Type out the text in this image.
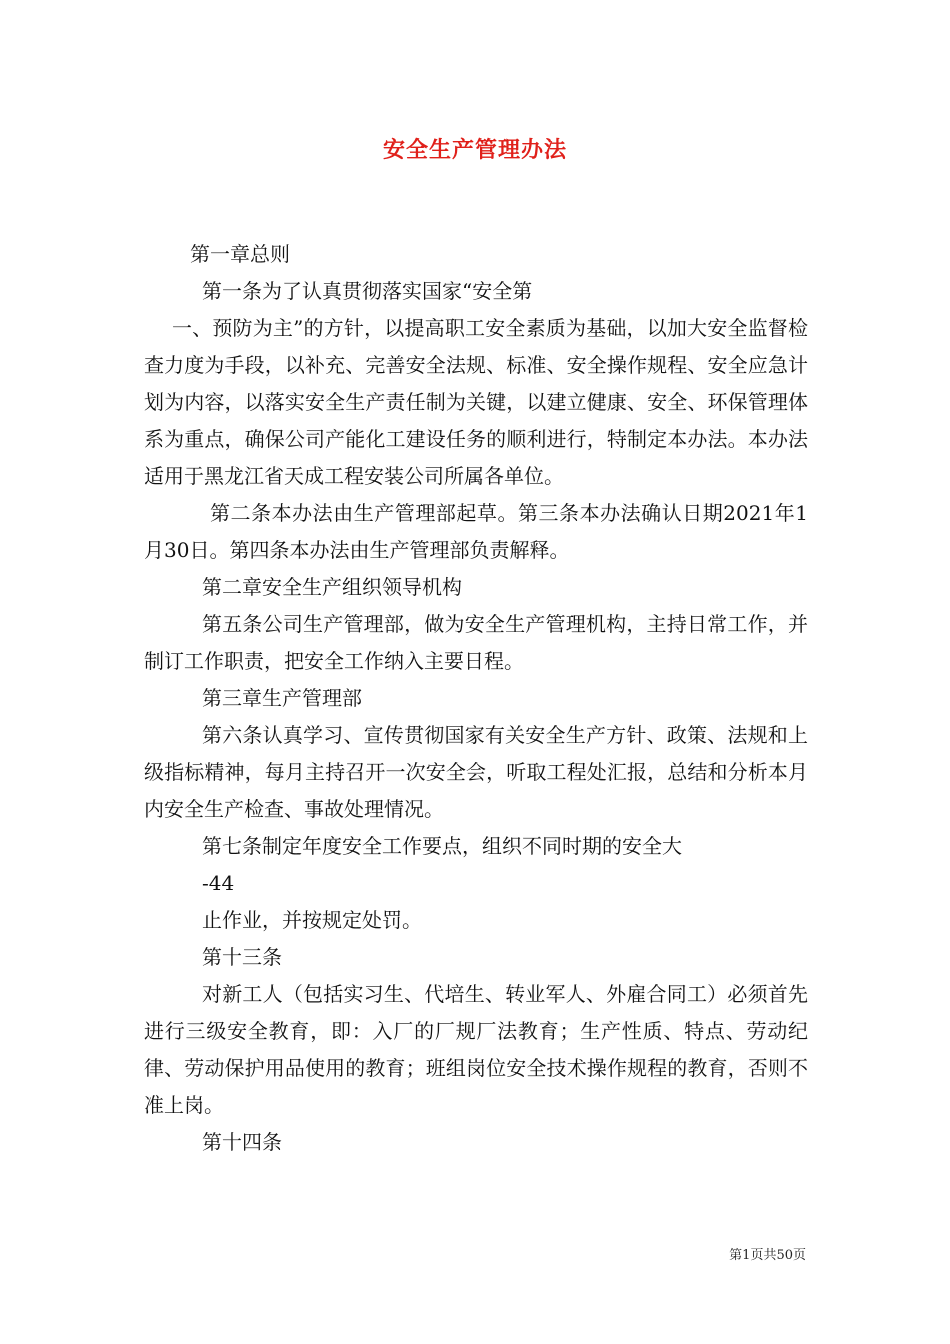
安全生产管理办法

第一章总则

第一条为了认真贯彻落实国家“安全第

一、预防为主”的方针，以提高职工安全素质为基础，以加大安全监督检查力度为手段，以补充、完善安全法规、标准、安全操作规程、安全应急计划为内容，以落实安全生产责任制为关键，以建立健康、安全、环保管理体系为重点，确保公司产能化工建设任务的顺利进行，特制定本办法。本办法适用于黑龙江省天成工程安装公司所属各单位。

第二条本办法由生产管理部起草。第三条本办法确认日期2021年1月30日。第四条本办法由生产管理部负责解释。

第二章安全生产组织领导机构

第五条公司生产管理部，做为安全生产管理机构，主持日常工作，并制订工作职责，把安全工作纳入主要日程。

第三章生产管理部

第六条认真学习、宣传贯彻国家有关安全生产方针、政策、法规和上级指标精神，每月主持召开一次安全会，听取工程处汇报，总结和分析本月内安全生产检查、事故处理情况。

第七条制定年度安全工作要点，组织不同时期的安全大

-44

止作业，并按规定处罚。

第十三条

对新工人（包括实习生、代培生、转业军人、外雇合同工）必须首先进行三级安全教育，即：入厂的厂规厂法教育；生产性质、特点、劳动纪律、劳动保护用品使用的教育；班组岗位安全技术操作规程的教育，否则不准上岗。

第十四条

第1页共50页
